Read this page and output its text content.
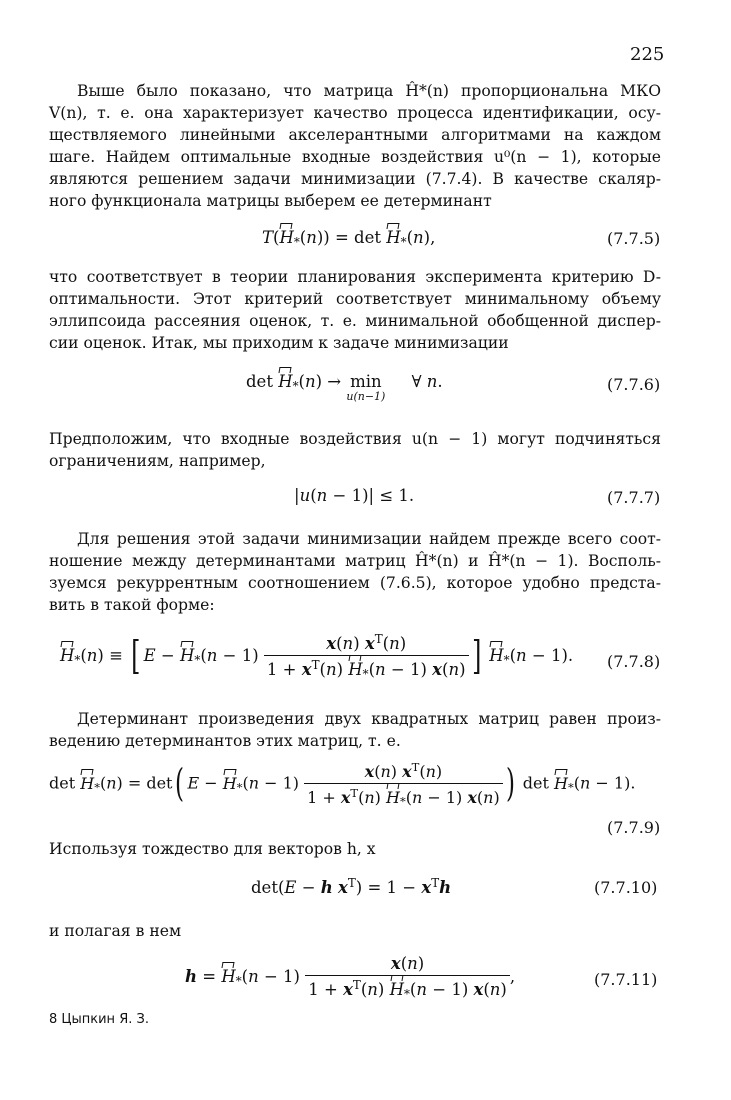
225
Выше было показано, что матрица Ĥ*(n) пропорциональна МКО
V(n), т. е. она характеризует качество процесса идентификации, осу-
ществляемого линейными акселерантными алгоритмами на каждом
шаге. Найдем оптимальные входные воздействия u⁰(n − 1), которые
являются решением задачи минимизации (7.7.4). В качестве скаляр-
ного функционала матрицы выберем ее детерминант
$T(H_*(n)) = \det H_*(n)$,	(7.7.5)
что соответствует в теории планирования эксперимента критерию D-
оптимальности. Этот критерий соответствует минимальному объему
эллипсоида рассеяния оценок, т. е. минимальной обобщенной диспер-
сии оценок. Итак, мы приходим к задаче минимизации
$\det H_*(n) \to \min$
u(n−1)
∀ n.	(7.7.6)
Предположим, что входные воздействия u(n − 1) могут подчиняться
ограничениям, например,
|u(n − 1)| ≤ 1.	(7.7.7)
Для решения этой задачи минимизации найдем прежде всего соот-
ношение между детерминантами матриц Ĥ*(n) и Ĥ*(n − 1). Восполь-
зуемся рекуррентным соотношением (7.6.5), которое удобно предста-
вить в такой форме:
$H_*(n)$ ≡ [ $E - H_*(n - 1) \frac{x(n) x^T(n)}{1 + x^T(n) H_*(n - 1) x(n)}$ ] $H_*(n - 1)$. (7.7.8)
Детерминант произведения двух квадратных матриц равен произ-
ведению детерминантов этих матриц, т. е.
$\det H_*(n) = \det$( $E - H_*(n - 1) \frac{x(n) x^T(n)}{1 + x^T(n) H_*(n - 1) x(n)}$ ) $\det H_*(n - 1)$.
(7.7.9)
Используя тождество для векторов h, x
det(E − h $x^T) = 1 - x^Th$	(7.7.10)
и полагая в нем
$h = H_*(n - 1) \frac{x(n)}{1 + x^T(n) H_*(n - 1) x(n)}$ ,	(7.7.11)
8 Цыпкин Я. З.
